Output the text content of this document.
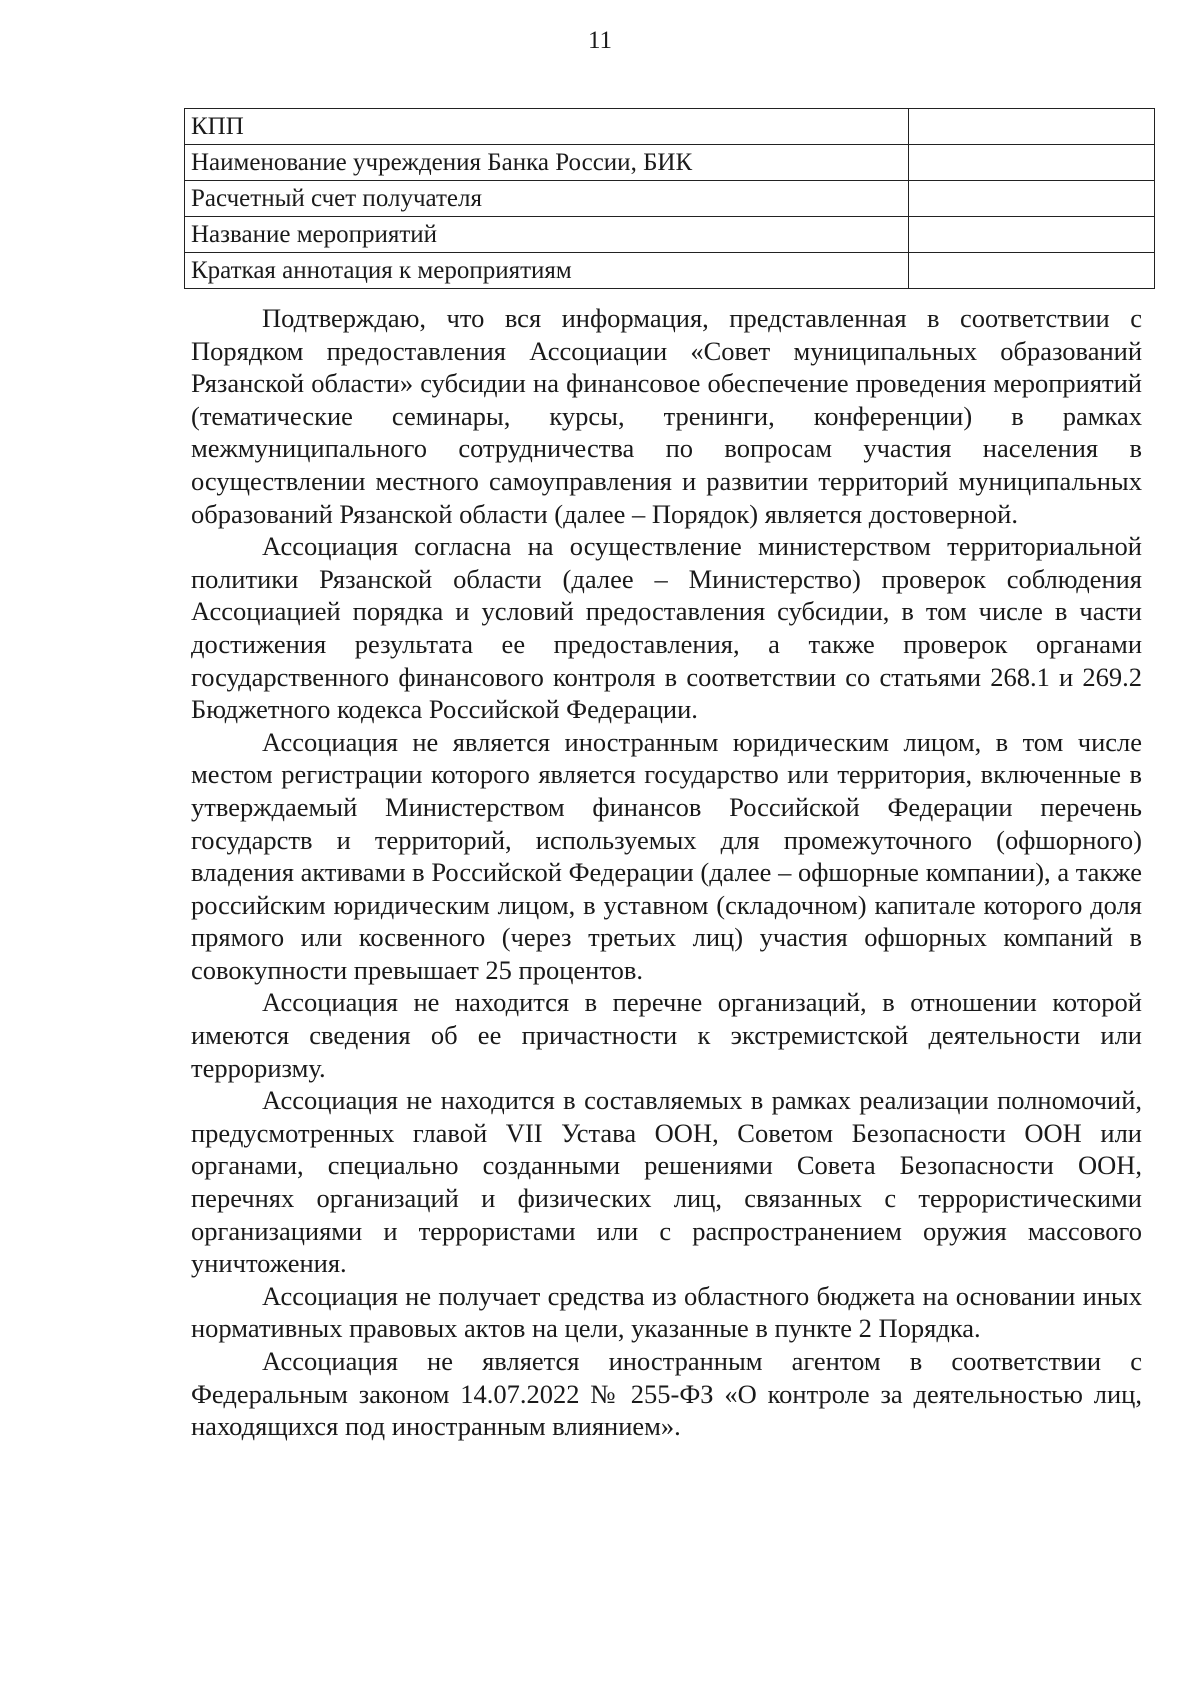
11
КПП	
Наименование учреждения Банка России, БИК	
Расчетный счет получателя	
Название мероприятий	
Краткая аннотация к мероприятиям	

Подтверждаю, что вся информация, представленная в соответствии с Порядком предоставления Ассоциации «Совет муниципальных образований Рязанской области» субсидии на финансовое обеспечение проведения мероприятий (тематические семинары, курсы, тренинги, конференции) в рамках межмуниципального сотрудничества по вопросам участия населения в осуществлении местного самоуправления и развитии территорий муниципальных образований Рязанской области (далее – Порядок) является достоверной.

Ассоциация согласна на осуществление министерством территориальной политики Рязанской области (далее – Министерство) проверок соблюдения Ассоциацией порядка и условий предоставления субсидии, в том числе в части достижения результата ее предоставления, а также проверок органами государственного финансового контроля в соответствии со статьями 268.1 и 269.2 Бюджетного кодекса Российской Федерации.

Ассоциация не является иностранным юридическим лицом, в том числе местом регистрации которого является государство или территория, включенные в утверждаемый Министерством финансов Российской Федерации перечень государств и территорий, используемых для промежуточного (офшорного) владения активами в Российской Федерации (далее – офшорные компании), а также российским юридическим лицом, в уставном (складочном) капитале которого доля прямого или косвенного (через третьих лиц) участия офшорных компаний в совокупности превышает 25 процентов.

Ассоциация не находится в перечне организаций, в отношении которой имеются сведения об ее причастности к экстремистской деятельности или терроризму.

Ассоциация не находится в составляемых в рамках реализации полномочий, предусмотренных главой VII Устава ООН, Советом Безопасности ООН или органами, специально созданными решениями Совета Безопасности ООН, перечнях организаций и физических лиц, связанных с террористическими организациями и террористами или с распространением оружия массового уничтожения.

Ассоциация не получает средства из областного бюджета на основании иных нормативных правовых актов на цели, указанные в пункте 2 Порядка.

Ассоциация не является иностранным агентом в соответствии с Федеральным законом 14.07.2022 № 255-ФЗ «О контроле за деятельностью лиц, находящихся под иностранным влиянием».
